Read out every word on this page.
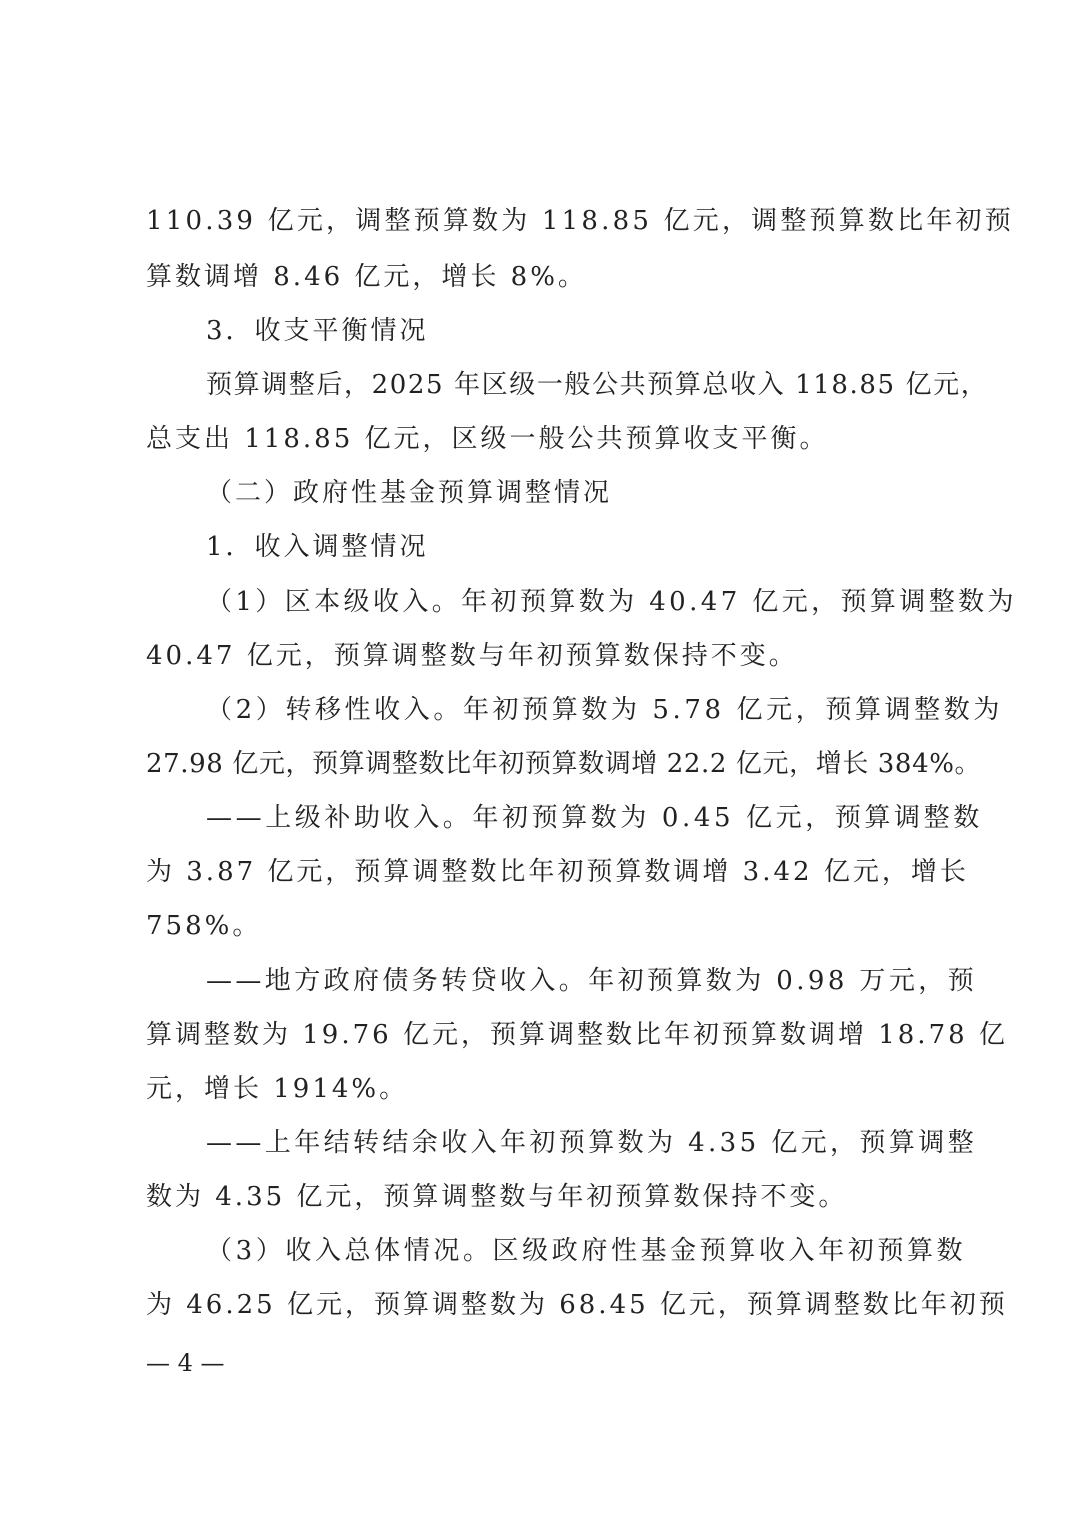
110.39 亿元，调整预算数为 118.85 亿元，调整预算数比年初预
算数调增 8.46 亿元，增长 8%。
3．收支平衡情况
预算调整后，2025 年区级一般公共预算总收入 118.85 亿元，
总支出 118.85 亿元，区级一般公共预算收支平衡。
（二）政府性基金预算调整情况
1．收入调整情况
（1）区本级收入。年初预算数为 40.47 亿元，预算调整数为
40.47 亿元，预算调整数与年初预算数保持不变。
（2）转移性收入。年初预算数为 5.78 亿元，预算调整数为
27.98 亿元，预算调整数比年初预算数调增 22.2 亿元，增长 384%。
——上级补助收入。年初预算数为 0.45 亿元，预算调整数
为 3.87 亿元，预算调整数比年初预算数调增 3.42 亿元，增长
758%。
——地方政府债务转贷收入。年初预算数为 0.98 万元，预
算调整数为 19.76 亿元，预算调整数比年初预算数调增 18.78 亿
元，增长 1914%。
——上年结转结余收入年初预算数为 4.35 亿元，预算调整
数为 4.35 亿元，预算调整数与年初预算数保持不变。
（3）收入总体情况。区级政府性基金预算收入年初预算数
为 46.25 亿元，预算调整数为 68.45 亿元，预算调整数比年初预
— 4 —
